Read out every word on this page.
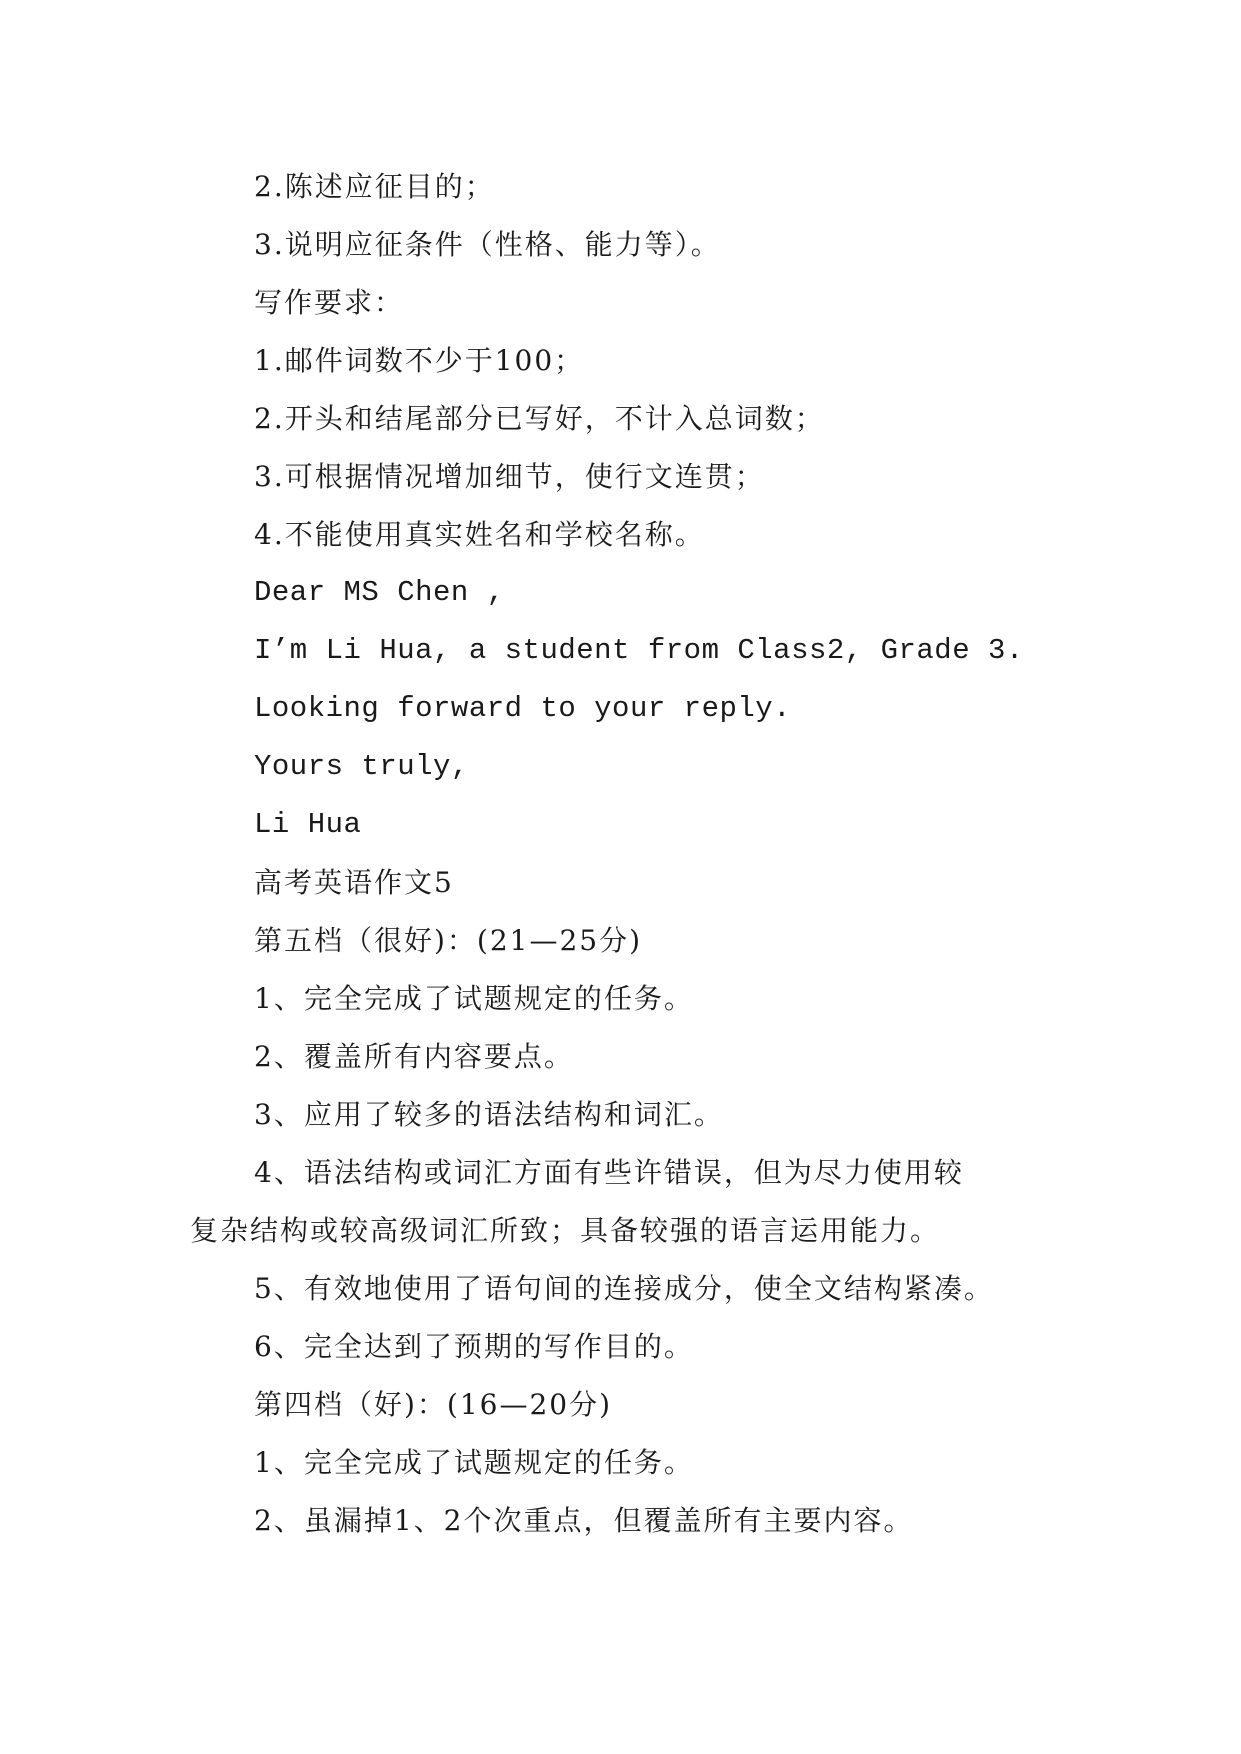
2.陈述应征目的；
3.说明应征条件（性格、能力等）。
写作要求：
1.邮件词数不少于100；
2.开头和结尾部分已写好，不计入总词数；
3.可根据情况增加细节，使行文连贯；
4.不能使用真实姓名和学校名称。
Dear MS Chen ,
I’m Li Hua, a student from Class2, Grade 3.
Looking forward to your reply.
Yours truly,
Li Hua
高考英语作文5
第五档（很好)：(21—25分)
1、完全完成了试题规定的任务。
2、覆盖所有内容要点。
3、应用了较多的语法结构和词汇。
4、语法结构或词汇方面有些许错误，但为尽力使用较
复杂结构或较高级词汇所致；具备较强的语言运用能力。
5、有效地使用了语句间的连接成分，使全文结构紧凑。
6、完全达到了预期的写作目的。
第四档（好)：(16—20分)
1、完全完成了试题规定的任务。
2、虽漏掉1、2个次重点，但覆盖所有主要内容。
